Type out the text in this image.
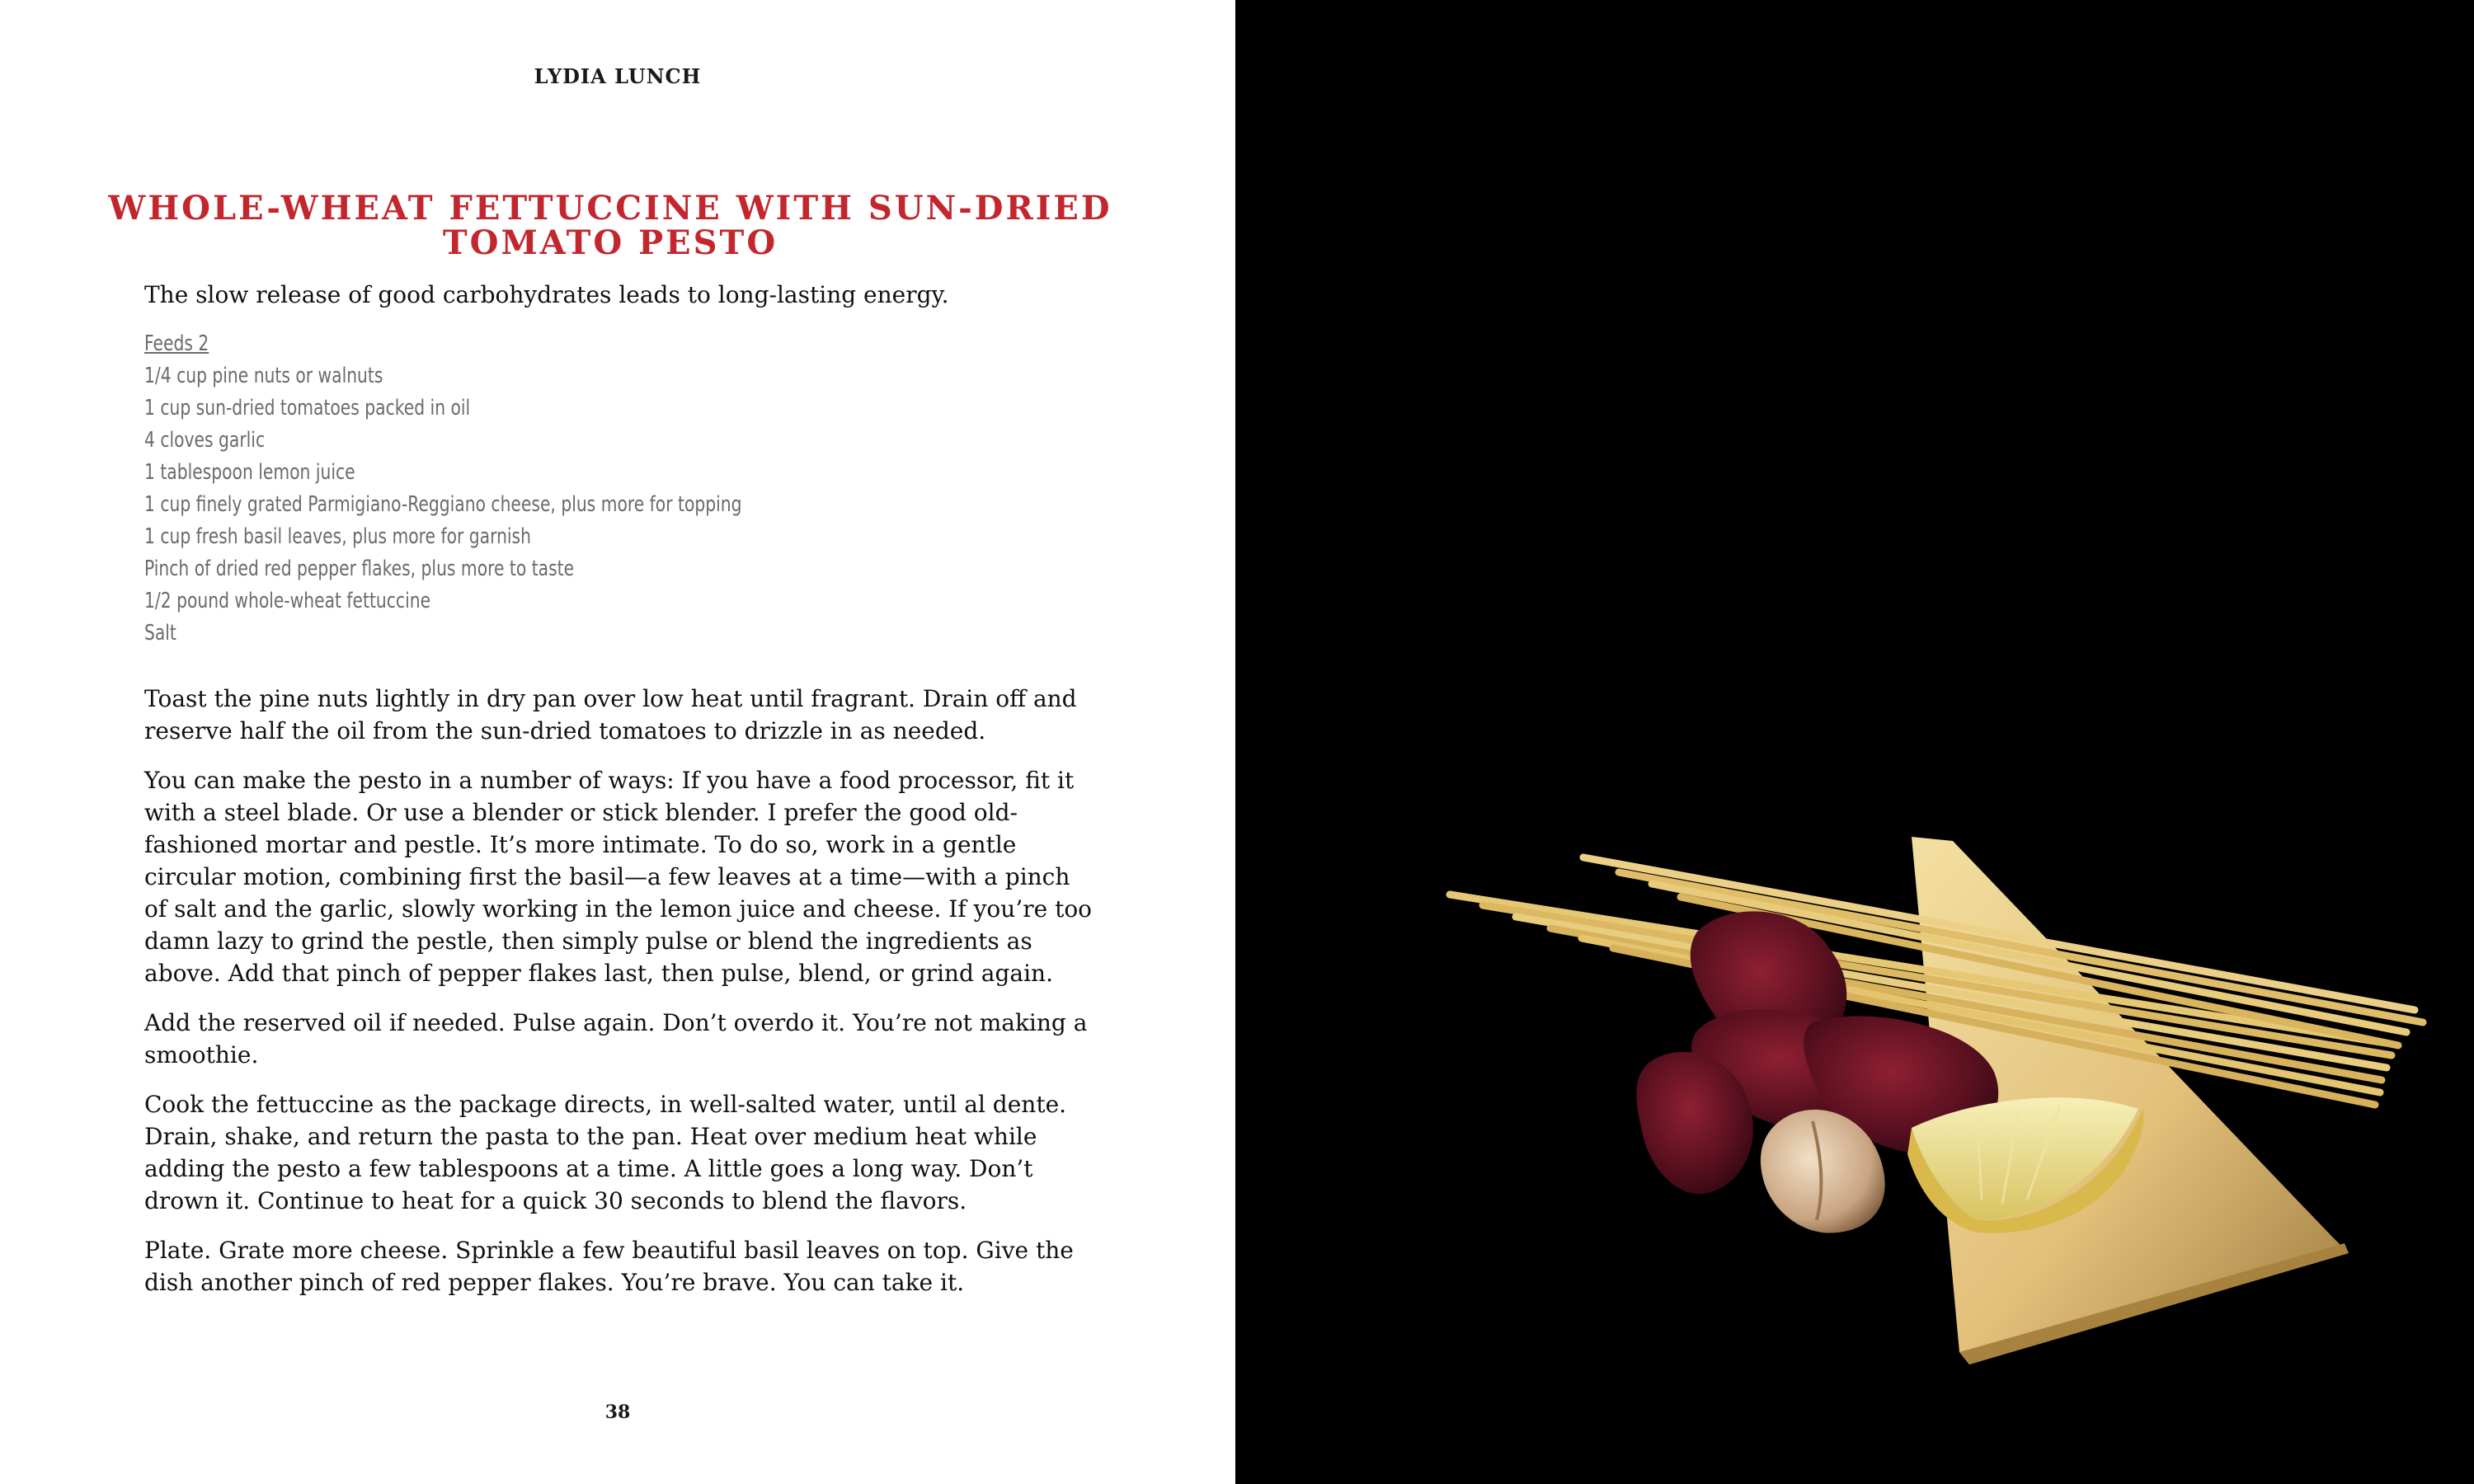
LYDIA LUNCH
WHOLE-WHEAT FETTUCCINE WITH SUN-DRIED TOMATO PESTO
The slow release of good carbohydrates leads to long-lasting energy.
Feeds 2
1/4 cup pine nuts or walnuts
1 cup sun-dried tomatoes packed in oil
4 cloves garlic
1 tablespoon lemon juice
1 cup finely grated Parmigiano-Reggiano cheese, plus more for topping
1 cup fresh basil leaves, plus more for garnish
Pinch of dried red pepper flakes, plus more to taste
1/2 pound whole-wheat fettuccine
Salt

Toast the pine nuts lightly in dry pan over low heat until fragrant. Drain off and reserve half the oil from the sun-dried tomatoes to drizzle in as needed.

You can make the pesto in a number of ways: If you have a food processor, fit it with a steel blade. Or use a blender or stick blender. I prefer the good old-fashioned mortar and pestle. It’s more intimate. To do so, work in a gentle circular motion, combining first the basil—a few leaves at a time—with a pinch of salt and the garlic, slowly working in the lemon juice and cheese. If you’re too damn lazy to grind the pestle, then simply pulse or blend the ingredients as above. Add that pinch of pepper flakes last, then pulse, blend, or grind again.

Add the reserved oil if needed. Pulse again. Don’t overdo it. You’re not making a smoothie.

Cook the fettuccine as the package directs, in well-salted water, until al dente. Drain, shake, and return the pasta to the pan. Heat over medium heat while adding the pesto a few tablespoons at a time. A little goes a long way. Don’t drown it. Continue to heat for a quick 30 seconds to blend the flavors.

Plate. Grate more cheese. Sprinkle a few beautiful basil leaves on top. Give the dish another pinch of red pepper flakes. You’re brave. You can take it.

38
